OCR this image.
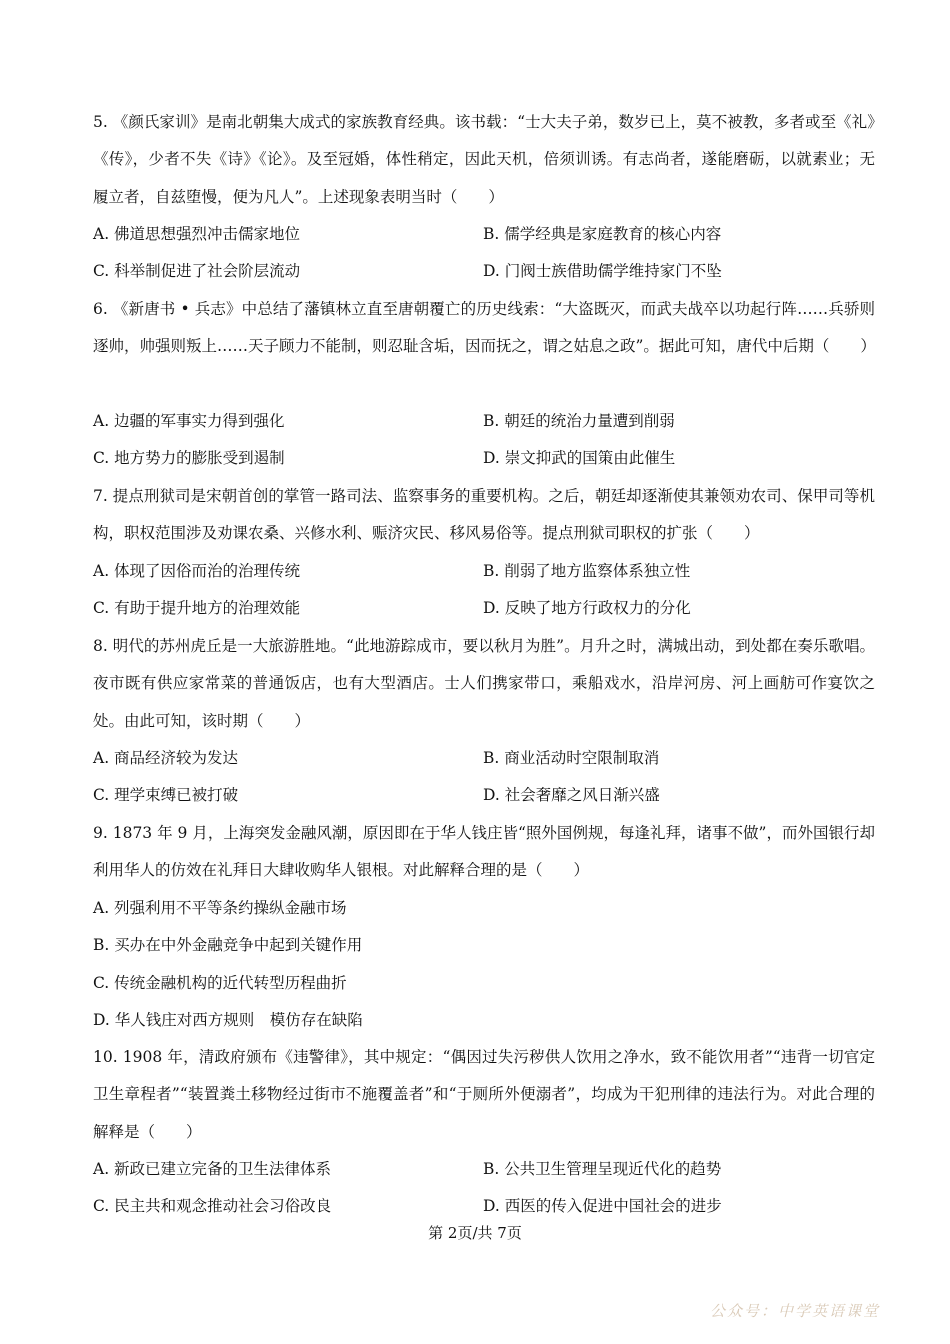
5. 《颜氏家训》是南北朝集大成式的家族教育经典。该书载：“士大夫子弟，数岁已上，莫不被教，多者或至《礼》《传》，少者不失《诗》《论》。及至冠婚，体性稍定，因此天机，倍须训诱。有志尚者，遂能磨砺，以就素业；无履立者，自兹堕慢，便为凡人”。上述现象表明当时（　　）

A. 佛道思想强烈冲击儒家地位	B. 儒学经典是家庭教育的核心内容
C. 科举制促进了社会阶层流动	D. 门阀士族借助儒学维持家门不坠

6. 《新唐书 • 兵志》中总结了藩镇林立直至唐朝覆亡的历史线索：“大盗既灭，而武夫战卒以功起行阵……兵骄则逐帅，帅强则叛上……天子顾力不能制，则忍耻含垢，因而抚之，谓之姑息之政”。据此可知，唐代中后期（　　）

A. 边疆的军事实力得到强化	B. 朝廷的统治力量遭到削弱
C. 地方势力的膨胀受到遏制	D. 崇文抑武的国策由此催生

7. 提点刑狱司是宋朝首创的掌管一路司法、监察事务的重要机构。之后，朝廷却逐渐使其兼领劝农司、保甲司等机构，职权范围涉及劝课农桑、兴修水利、赈济灾民、移风易俗等。提点刑狱司职权的扩张（　　）

A. 体现了因俗而治的治理传统	B. 削弱了地方监察体系独立性
C. 有助于提升地方的治理效能	D. 反映了地方行政权力的分化

8. 明代的苏州虎丘是一大旅游胜地。“此地游踪成市，要以秋月为胜”。月升之时，满城出动，到处都在奏乐歌唱。夜市既有供应家常菜的普通饭店，也有大型酒店。士人们携家带口，乘船戏水，沿岸河房、河上画舫可作宴饮之处。由此可知，该时期（　　）

A. 商品经济较为发达	B. 商业活动时空限制取消
C. 理学束缚已被打破	D. 社会奢靡之风日渐兴盛

9. 1873 年 9 月，上海突发金融风潮，原因即在于华人钱庄皆“照外国例规，每逢礼拜，诸事不做”，而外国银行却利用华人的仿效在礼拜日大肆收购华人银根。对此解释合理的是（　　）

A. 列强利用不平等条约操纵金融市场
B. 买办在中外金融竞争中起到关键作用
C. 传统金融机构的近代转型历程曲折
D. 华人钱庄对西方规则　模仿存在缺陷

10. 1908 年，清政府颁布《违警律》，其中规定：“偶因过失污秽供人饮用之净水，致不能饮用者”“违背一切官定卫生章程者”“装置粪土移物经过街市不施覆盖者”和“于厕所外便溺者”，均成为干犯刑律的违法行为。对此合理的解释是（　　）

A. 新政已建立完备的卫生法律体系	B. 公共卫生管理呈现近代化的趋势
C. 民主共和观念推动社会习俗改良	D. 西医的传入促进中国社会的进步
第 2页/共 7页
公众号：中学英语课堂
